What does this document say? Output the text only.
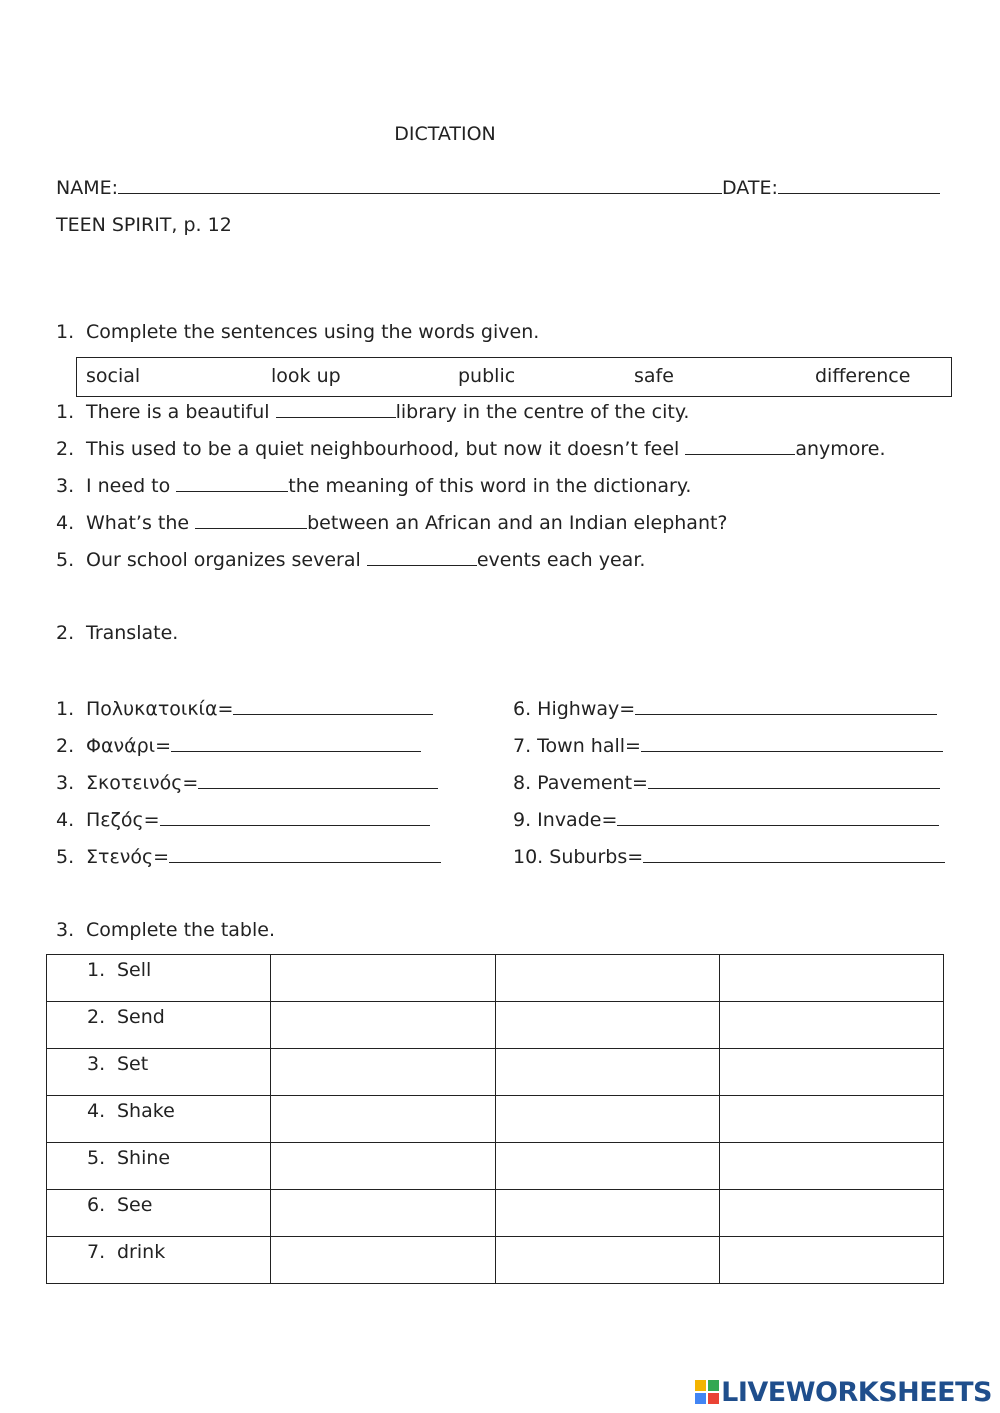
DICTATION
NAME:	DATE:
TEEN SPIRIT, p. 12
1. Complete the sentences using the words given.
social	look up	public	safe	difference
1. There is a beautiful	library in the centre of the city.
2. This used to be a quiet neighbourhood, but now it doesn’t feel	anymore.
3. I need to	the meaning of this word in the dictionary.
4. What’s the	between an African and an Indian elephant?
5. Our school organizes several	events each year.
2. Translate.
1. Πολυκατοικία=
2. Φανάρι=
3. Σκοτεινός=
4. Πεζός=
5. Στενός=
6. Highway=
7. Town hall=
8. Pavement=
9. Invade=
10. Suburbs=
3. Complete the table.
1. Sell			
2. Send			
3. Set			
4. Shake			
5. Shine			
6. See			
7. drink			
LIVEWORKSHEETS
